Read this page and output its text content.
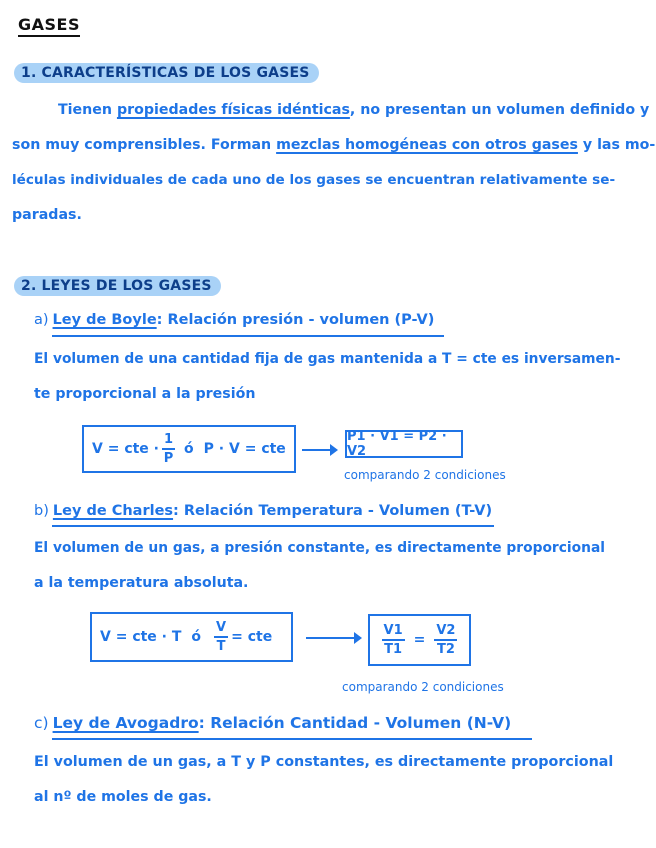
GASES
1. CARACTERÍSTICAS DE LOS GASES
Tienen propiedades físicas idénticas, no presentan un volumen definido y
son muy comprensibles. Forman mezclas homogéneas con otros gases y las mo-
léculas individuales de cada uno de los gases se encuentran relativamente se-
paradas.
2. LEYES DE LOS GASES
a) Ley de Boyle: Relación presión - volumen (P-V)
El volumen de una cantidad fija de gas mantenida a T = cte es inversamen-
te proporcional a la presión
V = cte · $\frac{1}{P}$ ó P · V = cte
P1 · V1 = P2 · V2
comparando 2 condiciones
b) Ley de Charles: Relación Temperatura - Volumen (T-V)
El volumen de un gas, a presión constante, es directamente proporcional
a la temperatura absoluta.
V = cte · T ó $\frac{V}{T}$ = cte	$\frac{V1}{T1} = \frac{V2}{T2}$
comparando 2 condiciones
c) Ley de Avogadro: Relación Cantidad - Volumen (N-V)
El volumen de un gas, a T y P constantes, es directamente proporcional
al nº de moles de gas.
